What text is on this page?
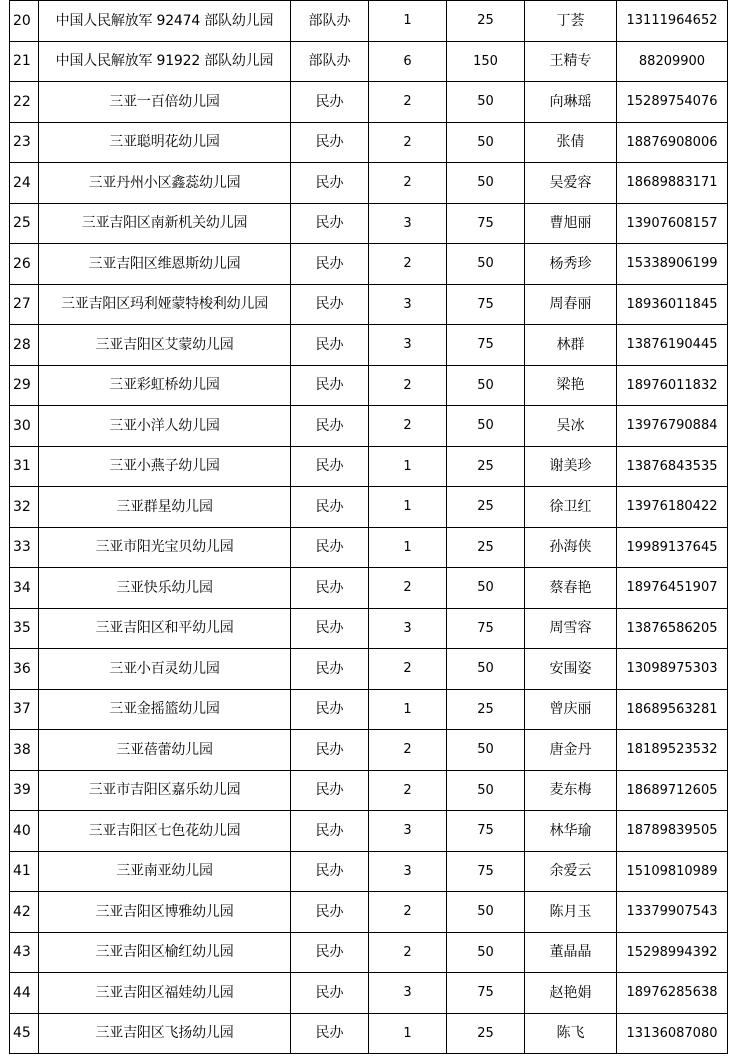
20	中国人民解放军 92474 部队幼儿园	部队办	1	25	丁荟	13111964652
21	中国人民解放军 91922 部队幼儿园	部队办	6	150	王精专	88209900
22	三亚一百倍幼儿园	民办	2	50	向琳瑶	15289754076
23	三亚聪明花幼儿园	民办	2	50	张倩	18876908006
24	三亚丹州小区鑫蕊幼儿园	民办	2	50	吴爱容	18689883171
25	三亚吉阳区南新机关幼儿园	民办	3	75	曹旭丽	13907608157
26	三亚吉阳区维恩斯幼儿园	民办	2	50	杨秀珍	15338906199
27	三亚吉阳区玛利娅蒙特梭利幼儿园	民办	3	75	周春丽	18936011845
28	三亚吉阳区艾蒙幼儿园	民办	3	75	林群	13876190445
29	三亚彩虹桥幼儿园	民办	2	50	梁艳	18976011832
30	三亚小洋人幼儿园	民办	2	50	吴冰	13976790884
31	三亚小燕子幼儿园	民办	1	25	谢美珍	13876843535
32	三亚群星幼儿园	民办	1	25	徐卫红	13976180422
33	三亚市阳光宝贝幼儿园	民办	1	25	孙海侠	19989137645
34	三亚快乐幼儿园	民办	2	50	蔡春艳	18976451907
35	三亚吉阳区和平幼儿园	民办	3	75	周雪容	13876586205
36	三亚小百灵幼儿园	民办	2	50	安围姿	13098975303
37	三亚金摇篮幼儿园	民办	1	25	曾庆丽	18689563281
38	三亚蓓蕾幼儿园	民办	2	50	唐金丹	18189523532
39	三亚市吉阳区嘉乐幼儿园	民办	2	50	麦东梅	18689712605
40	三亚吉阳区七色花幼儿园	民办	3	75	林华瑜	18789839505
41	三亚南亚幼儿园	民办	3	75	余爱云	15109810989
42	三亚吉阳区博雅幼儿园	民办	2	50	陈月玉	13379907543
43	三亚吉阳区榆红幼儿园	民办	2	50	董晶晶	15298994392
44	三亚吉阳区福娃幼儿园	民办	3	75	赵艳娟	18976285638
45	三亚吉阳区飞扬幼儿园	民办	1	25	陈飞	13136087080
